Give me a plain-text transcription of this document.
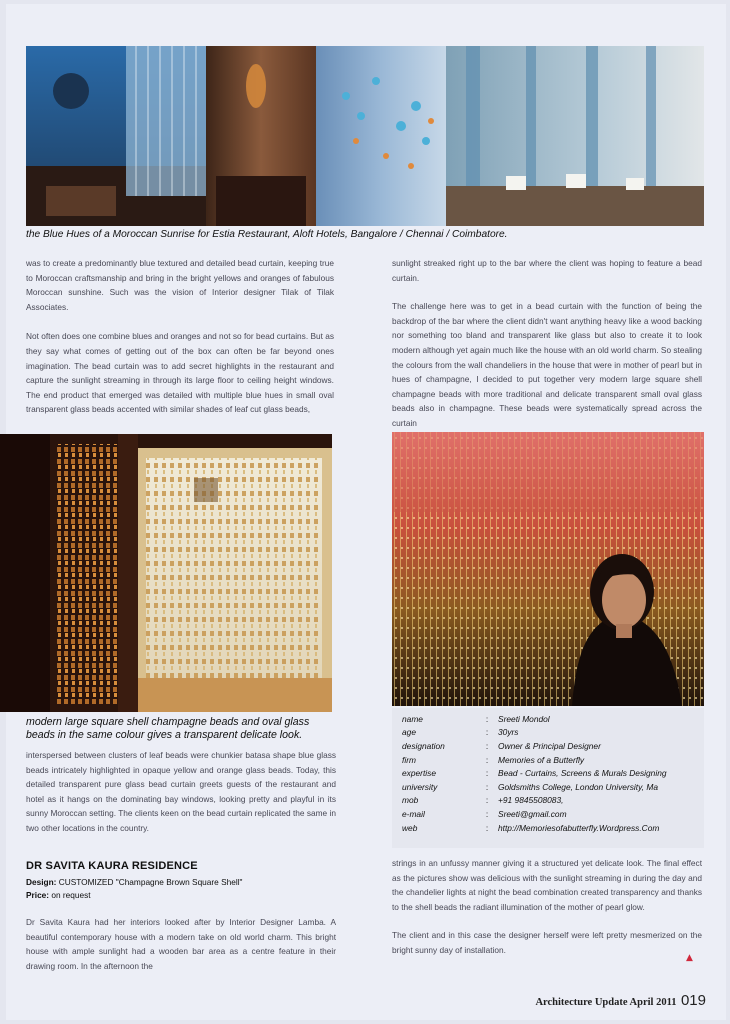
the Blue Hues of a Moroccan Sunrise for Estia Restaurant, Aloft Hotels, Bangalore / Chennai / Coimbatore.

was to create a predominantly blue textured and detailed bead curtain, keeping true to Moroccan craftsmanship and bring in the bright yellows and oranges of fabulous Moroccan sunshine. Such was the vision of Interior designer Tilak of Tilak Associates.

Not often does one combine blues and oranges and not so for bead curtains. But as they say what comes of getting out of the box can often be far beyond ones imagination. The bead curtain was to add secret highlights in the restaurant and capture the sunlight streaming in through its large floor to ceiling height windows. The end product that emerged was detailed with multiple blue hues in small oval transparent glass beads accented with similar shades of leaf cut glass beads,

sunlight streaked right up to the bar where the client was hoping to feature a bead curtain.

The challenge here was to get in a bead curtain with the function of being the backdrop of the bar where the client didn't want anything heavy like a wood backing nor something too bland and transparent like glass but also to create it to look modern although yet again much like the house with an old world charm. So stealing the colours from the wall chandeliers in the house that were in mother of pearl but in hues of champagne, I decided to put together very modern large square shell champagne beads with more traditional and delicate transparent small oval glass beads also in champagne. These beads were systematically spread across the curtain

modern large square shell champagne beads and oval glass beads in the same colour gives a transparent delicate look.

interspersed between clusters of leaf beads were chunkier batasa shape blue glass beads intricately highlighted in opaque yellow and orange glass beads. Today, this detailed transparent pure glass bead curtain greets guests of the restaurant and hotel as it hangs on the dominating bay windows, looking pretty and playful in its sunny Moroccan setting. The clients keen on the bead curtain replicated the same in two other locations in the country.

DR SAVITA KAURA RESIDENCE

Design: CUSTOMIZED "Champagne Brown Square Shell"

Price: on request

Dr Savita Kaura had her interiors looked after by Interior Designer Lamba. A beautiful contemporary house with a modern take on old world charm. This bright house with ample sunlight had a wooden bar area as a centre feature in their drawing room. In the afternoon the

name	:	Sreeti Mondol
age	:	30yrs
designation	:	Owner & Principal Designer
firm	:	Memories of a Butterfly
expertise	:	Bead - Curtains, Screens & Murals Designing
university	:	Goldsmiths College, London University, Ma
mob	:	+91 9845508083,
e-mail	:	Sreeti@gmail.com
web	:	http://Memoriesofabutterfly.Wordpress.Com

strings in an unfussy manner giving it a structured yet delicate look. The final effect as the pictures show was delicious with the sunlight streaming in during the day and the chandelier lights at night the bead combination created transparency and thanks to the shell beads the radiant illumination of the mother of pearl glow.

The client and in this case the designer herself were left pretty mesmerized on the bright sunny day of installation.

▲
Architecture Update April 2011 019
